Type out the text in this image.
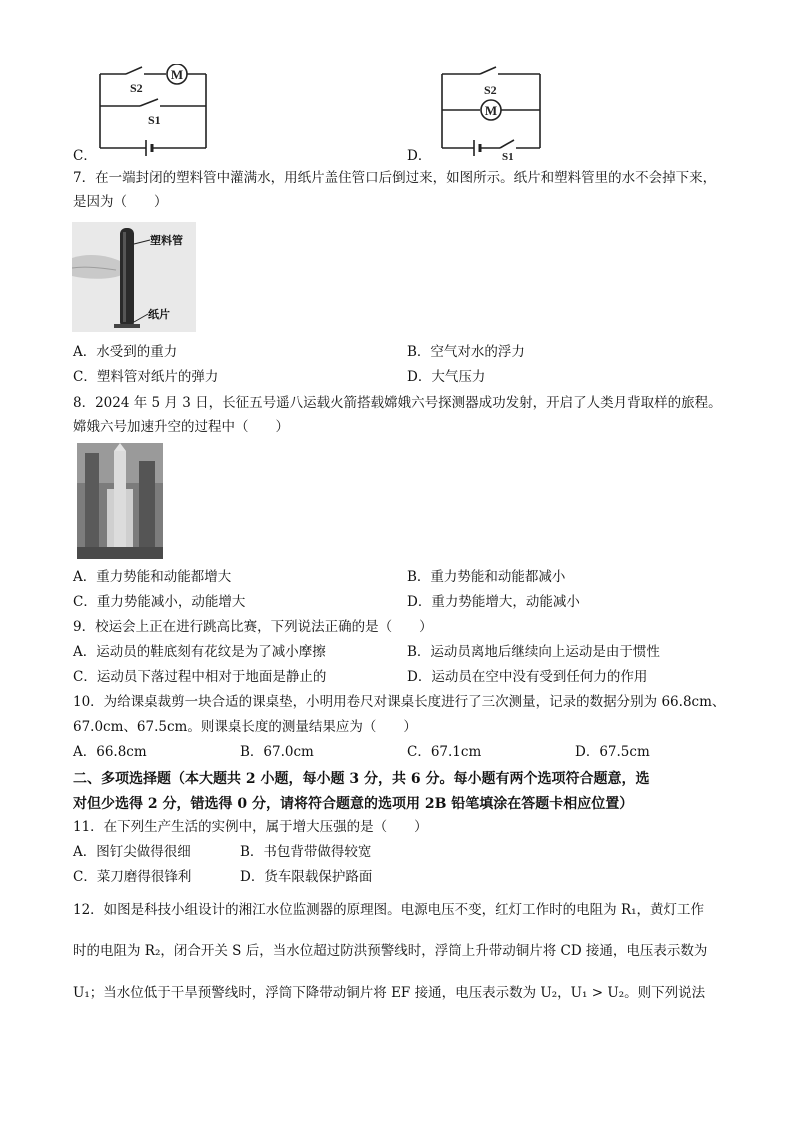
C．
M
S2
S1
D．
M
S2
S1
7．在一端封闭的塑料管中灌满水，用纸片盖住管口后倒过来，如图所示。纸片和塑料管里的水不会掉下来，
是因为（　　）
塑料管
纸片
A．水受到的重力	B．空气对水的浮力
C．塑料管对纸片的弹力	D．大气压力
8．2024 年 5 月 3 日，长征五号遥八运载火箭搭载嫦娥六号探测器成功发射，开启了人类月背取样的旅程。
嫦娥六号加速升空的过程中（　　）
A．重力势能和动能都增大	B．重力势能和动能都减小
C．重力势能减小，动能增大	D．重力势能增大，动能减小
9．校运会上正在进行跳高比赛，下列说法正确的是（　　）
A．运动员的鞋底刻有花纹是为了减小摩擦	B．运动员离地后继续向上运动是由于惯性
C．运动员下落过程中相对于地面是静止的	D．运动员在空中没有受到任何力的作用
10．为给课桌裁剪一块合适的课桌垫，小明用卷尺对课桌长度进行了三次测量，记录的数据分别为 66.8cm、
67.0cm、67.5cm。则课桌长度的测量结果应为（　　）
A．66.8cm	B．67.0cm	C．67.1cm	D．67.5cm
二、多项选择题（本大题共 2 小题，每小题 3 分，共 6 分。每小题有两个选项符合题意，选
对但少选得 2 分，错选得 0 分，请将符合题意的选项用 2B 铅笔填涂在答题卡相应位置）
11．在下列生产生活的实例中，属于增大压强的是（　　）
A．图钉尖做得很细	B．书包背带做得较宽
C．菜刀磨得很锋利	D．货车限载保护路面
12．如图是科技小组设计的湘江水位监测器的原理图。电源电压不变，红灯工作时的电阻为 R₁，黄灯工作
时的电阻为 R₂，闭合开关 S 后，当水位超过防洪预警线时，浮筒上升带动铜片将 CD 接通，电压表示数为
U₁；当水位低于干旱预警线时，浮筒下降带动铜片将 EF 接通，电压表示数为 U₂，U₁ > U₂。则下列说法
